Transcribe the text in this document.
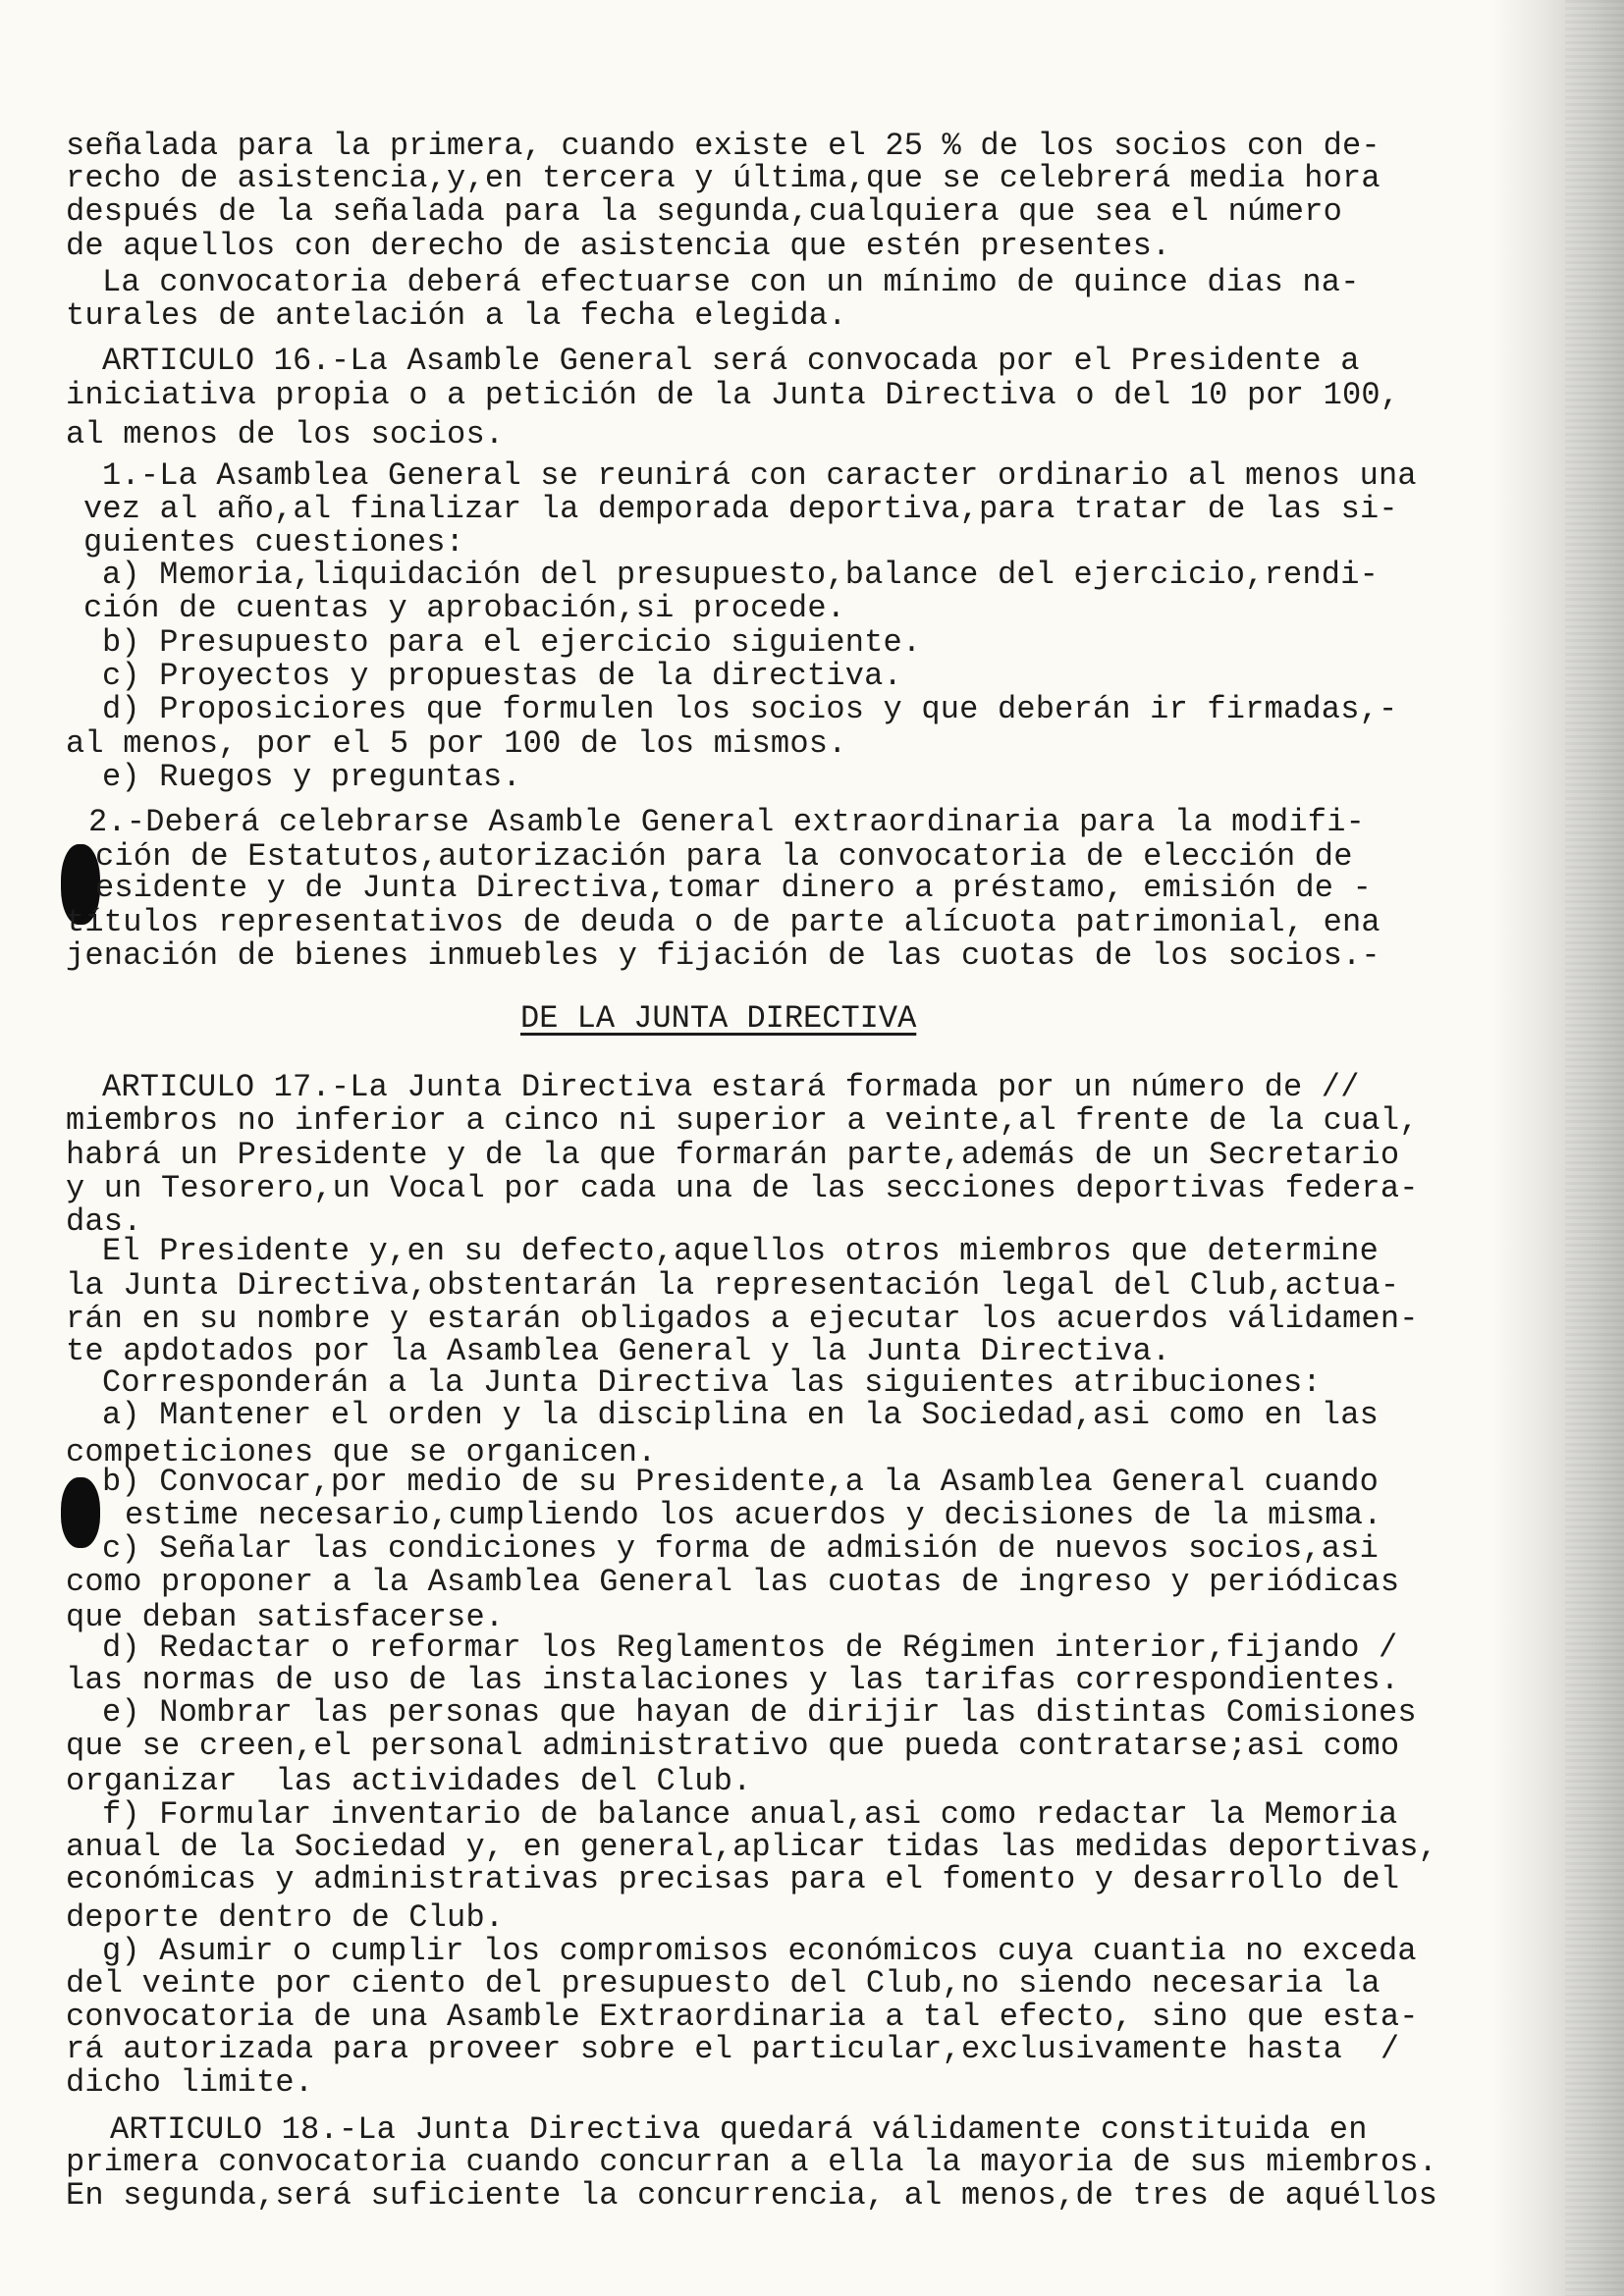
señalada para la primera, cuando existe el 25 % de los socios con de-
recho de asistencia,y,en tercera y última,que se celebrerá media hora
después de la señalada para la segunda,cualquiera que sea el número
de aquellos con derecho de asistencia que estén presentes.
La convocatoria deberá efectuarse con un mínimo de quince dias na-
turales de antelación a la fecha elegida.
ARTICULO 16.-La Asamble General será convocada por el Presidente a
iniciativa propia o a petición de la Junta Directiva o del 10 por 100,
al menos de los socios.
1.-La Asamblea General se reunirá con caracter ordinario al menos una
vez al año,al finalizar la demporada deportiva,para tratar de las si-
guientes cuestiones:
a) Memoria,liquidación del presupuesto,balance del ejercicio,rendi-
ción de cuentas y aprobación,si procede.
b) Presupuesto para el ejercicio siguiente.
c) Proyectos y propuestas de la directiva.
d) Proposiciores que formulen los socios y que deberán ir firmadas,-
al menos, por el 5 por 100 de los mismos.
e) Ruegos y preguntas.
2.-Deberá celebrarse Asamble General extraordinaria para la modifi-
ción de Estatutos,autorización para la convocatoria de elección de
esidente y de Junta Directiva,tomar dinero a préstamo, emisión de -
títulos representativos de deuda o de parte alícuota patrimonial, ena
jenación de bienes inmuebles y fijación de las cuotas de los socios.-
DE LA JUNTA DIRECTIVA
ARTICULO 17.-La Junta Directiva estará formada por un número de //
miembros no inferior a cinco ni superior a veinte,al frente de la cual,
habrá un Presidente y de la que formarán parte,además de un Secretario
y un Tesorero,un Vocal por cada una de las secciones deportivas federa-
das.
El Presidente y,en su defecto,aquellos otros miembros que determine
la Junta Directiva,obstentarán la representación legal del Club,actua-
rán en su nombre y estarán obligados a ejecutar los acuerdos válidamen-
te apdotados por la Asamblea General y la Junta Directiva.
Corresponderán a la Junta Directiva las siguientes atribuciones:
a) Mantener el orden y la disciplina en la Sociedad,asi como en las
competiciones que se organicen.
b) Convocar,por medio de su Presidente,a la Asamblea General cuando
estime necesario,cumpliendo los acuerdos y decisiones de la misma.
c) Señalar las condiciones y forma de admisión de nuevos socios,asi
como proponer a la Asamblea General las cuotas de ingreso y periódicas
que deban satisfacerse.
d) Redactar o reformar los Reglamentos de Régimen interior,fijando /
las normas de uso de las instalaciones y las tarifas correspondientes.
e) Nombrar las personas que hayan de dirijir las distintas Comisiones
que se creen,el personal administrativo que pueda contratarse;asi como
organizar  las actividades del Club.
f) Formular inventario de balance anual,asi como redactar la Memoria
anual de la Sociedad y, en general,aplicar tidas las medidas deportivas,
económicas y administrativas precisas para el fomento y desarrollo del
deporte dentro de Club.
g) Asumir o cumplir los compromisos económicos cuya cuantia no exceda
del veinte por ciento del presupuesto del Club,no siendo necesaria la
convocatoria de una Asamble Extraordinaria a tal efecto, sino que esta-
rá autorizada para proveer sobre el particular,exclusivamente hasta  /
dicho limite.
ARTICULO 18.-La Junta Directiva quedará válidamente constituida en
primera convocatoria cuando concurran a ella la mayoria de sus miembros.
En segunda,será suficiente la concurrencia, al menos,de tres de aquéllos
